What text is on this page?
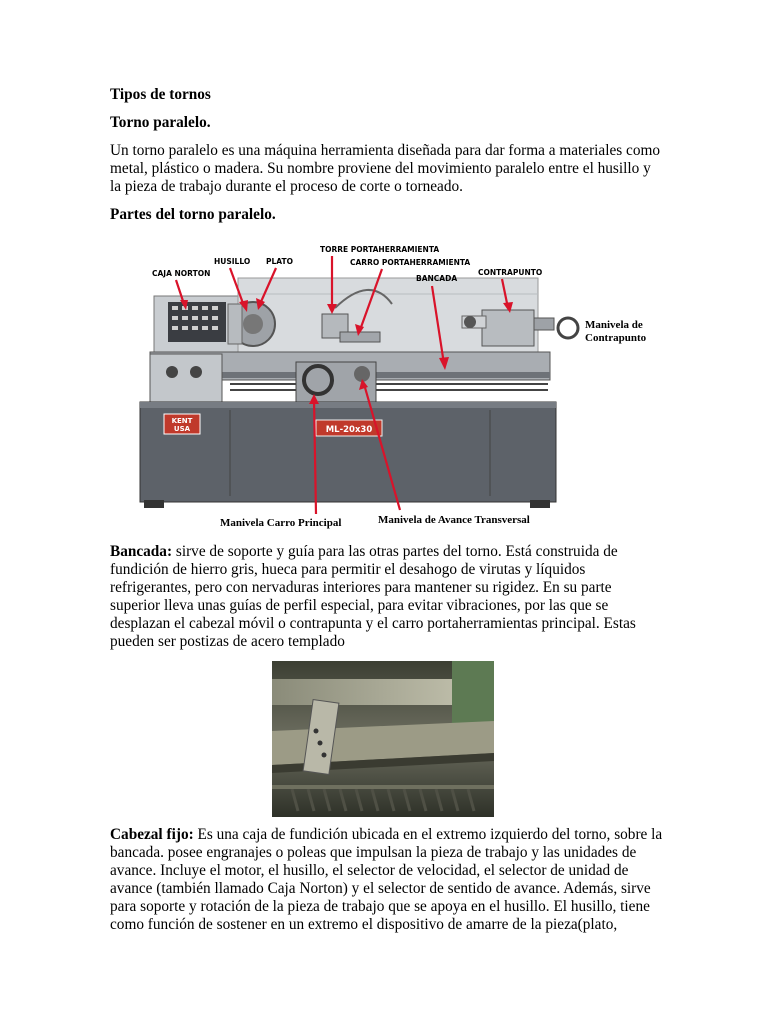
Tipos de tornos
Torno paralelo.
Un torno paralelo es una máquina herramienta diseñada para dar forma a materiales como metal, plástico o madera. Su nombre proviene del movimiento paralelo entre el husillo y la pieza de trabajo durante el proceso de corte o torneado.
Partes del torno paralelo.
KENT
USA	ML-20x30
CAJA NORTON
HUSILLO PLATO
TORRE PORTAHERRAMIENTA
CARRO PORTAHERRAMIENTA
BANCADA
CONTRAPUNTO
Manivela de
Contrapunto
Manivela Carro Principal	Manivela de Avance Transversal
Bancada: sirve de soporte y guía para las otras partes del torno. Está construida de fundición de hierro gris, hueca para permitir el desahogo de virutas y líquidos refrigerantes, pero con nervaduras interiores para mantener su rigidez. En su parte superior lleva unas guías de perfil especial, para evitar vibraciones, por las que se desplazan el cabezal móvil o contrapunta y el carro portaherramientas principal. Estas pueden ser postizas de acero templado
Cabezal fijo: Es una caja de fundición ubicada en el extremo izquierdo del torno, sobre la bancada. posee engranajes o poleas que impulsan la pieza de trabajo y las unidades de avance. Incluye el motor, el husillo, el selector de velocidad, el selector de unidad de avance (también llamado Caja Norton) y el selector de sentido de avance. Además, sirve para soporte y rotación de la pieza de trabajo que se apoya en el husillo. El husillo, tiene como función de sostener en un extremo el dispositivo de amarre de la pieza(plato,
